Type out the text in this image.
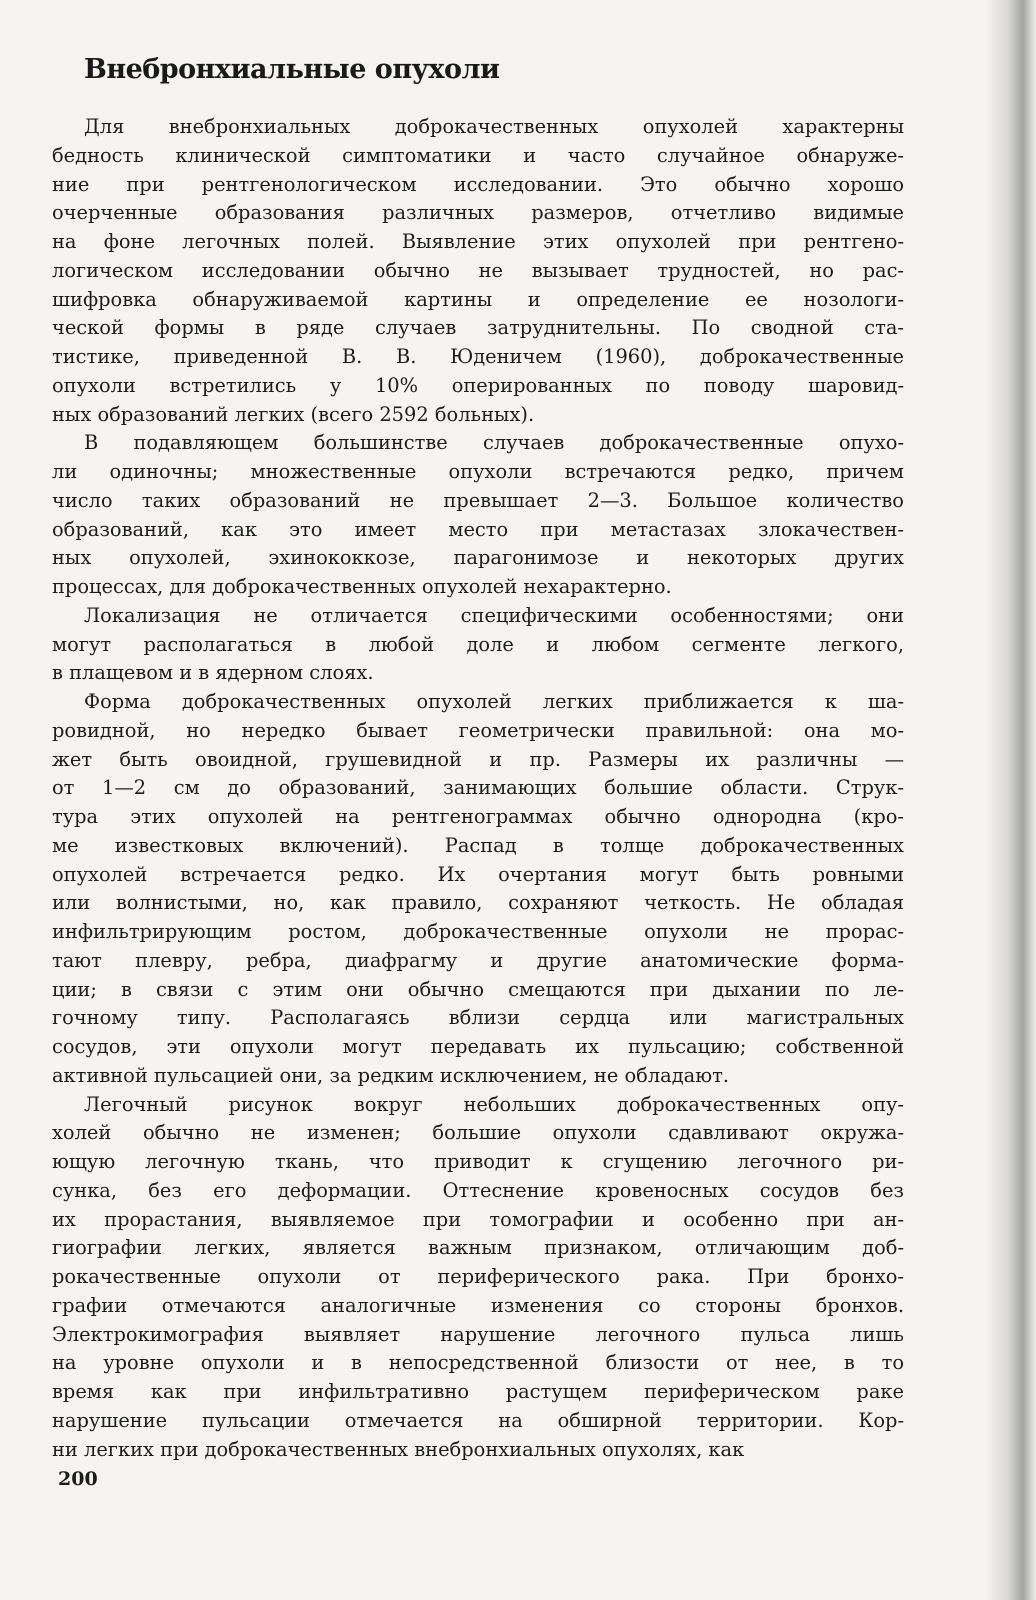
Внебронхиальные опухоли
Для внебронхиальных доброкачественных опухолей характерны
бедность клинической симптоматики и часто случайное обнаруже-
ние при рентгенологическом исследовании. Это обычно хорошо
очерченные образования различных размеров, отчетливо видимые
на фоне легочных полей. Выявление этих опухолей при рентгено-
логическом исследовании обычно не вызывает трудностей, но рас-
шифровка обнаруживаемой картины и определение ее нозологи-
ческой формы в ряде случаев затруднительны. По сводной ста-
тистике, приведенной В. В. Юденичем (1960), доброкачественные
опухоли встретились у 10% оперированных по поводу шаровид-
ных образований легких (всего 2592 больных).
В подавляющем большинстве случаев доброкачественные опухо-
ли одиночны; множественные опухоли встречаются редко, причем
число таких образований не превышает 2—3. Большое количество
образований, как это имеет место при метастазах злокачествен-
ных опухолей, эхинококкозе, парагонимозе и некоторых других
процессах, для доброкачественных опухолей нехарактерно.
Локализация не отличается специфическими особенностями; они
могут располагаться в любой доле и любом сегменте легкого,
в плащевом и в ядерном слоях.
Форма доброкачественных опухолей легких приближается к ша-
ровидной, но нередко бывает геометрически правильной: она мо-
жет быть овоидной, грушевидной и пр. Размеры их различны —
от 1—2 см до образований, занимающих большие области. Струк-
тура этих опухолей на рентгенограммах обычно однородна (кро-
ме известковых включений). Распад в толще доброкачественных
опухолей встречается редко. Их очертания могут быть ровными
или волнистыми, но, как правило, сохраняют четкость. Не обладая
инфильтрирующим ростом, доброкачественные опухоли не прорас-
тают плевру, ребра, диафрагму и другие анатомические форма-
ции; в связи с этим они обычно смещаются при дыхании по ле-
гочному типу. Располагаясь вблизи сердца или магистральных
сосудов, эти опухоли могут передавать их пульсацию; собственной
активной пульсацией они, за редким исключением, не обладают.
Легочный рисунок вокруг небольших доброкачественных опу-
холей обычно не изменен; большие опухоли сдавливают окружа-
ющую легочную ткань, что приводит к сгущению легочного ри-
сунка, без его деформации. Оттеснение кровеносных сосудов без
их прорастания, выявляемое при томографии и особенно при ан-
гиографии легких, является важным признаком, отличающим доб-
рокачественные опухоли от периферического рака. При бронхо-
графии отмечаются аналогичные изменения со стороны бронхов.
Электрокимография выявляет нарушение легочного пульса лишь
на уровне опухоли и в непосредственной близости от нее, в то
время как при инфильтративно растущем периферическом раке
нарушение пульсации отмечается на обширной территории. Кор-
ни легких при доброкачественных внебронхиальных опухолях, как
200
